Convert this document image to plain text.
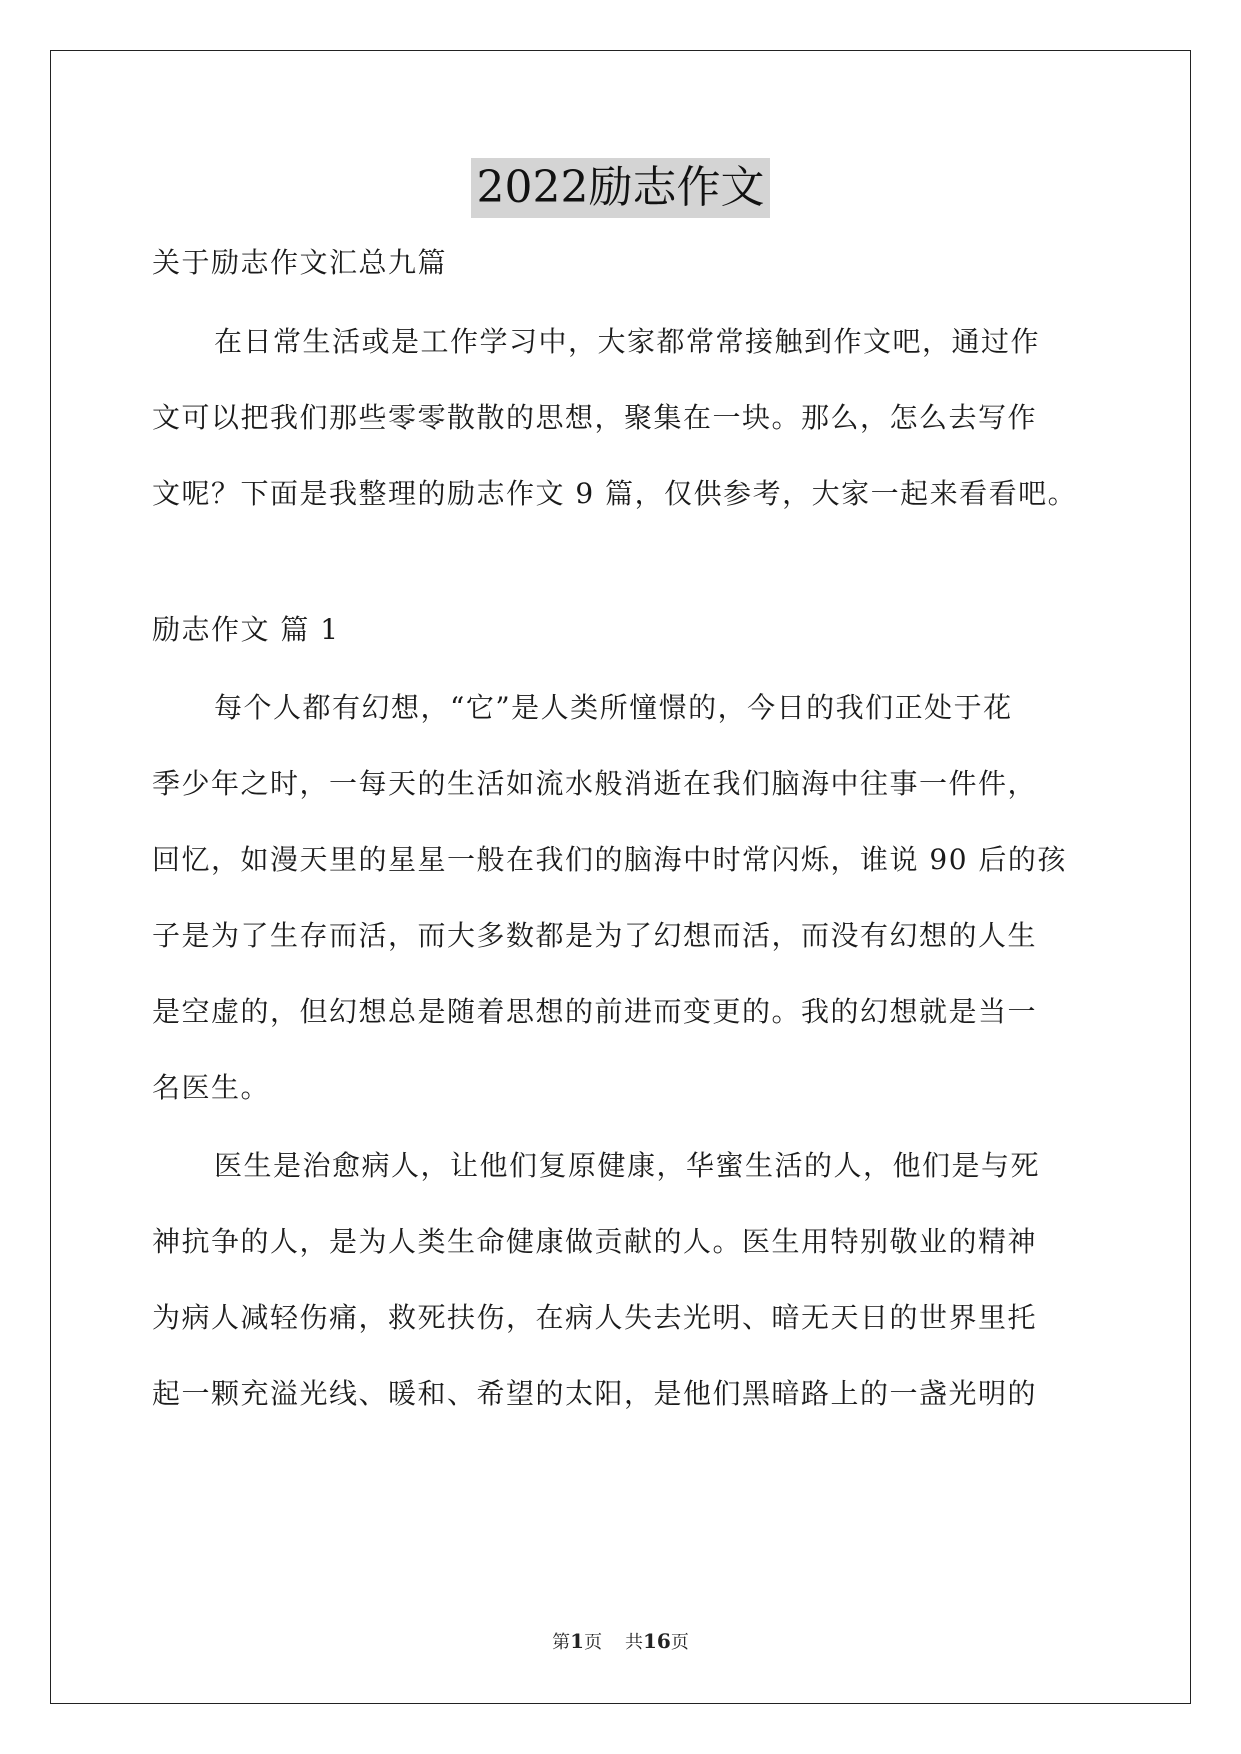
2022励志作文
关于励志作文汇总九篇
在日常生活或是工作学习中，大家都常常接触到作文吧，通过作
文可以把我们那些零零散散的思想，聚集在一块。那么，怎么去写作
文呢？下面是我整理的励志作文 9 篇，仅供参考，大家一起来看看吧。
励志作文 篇 1
每个人都有幻想，“它”是人类所憧憬的，今日的我们正处于花
季少年之时，一每天的生活如流水般消逝在我们脑海中往事一件件，
回忆，如漫天里的星星一般在我们的脑海中时常闪烁，谁说 90 后的孩
子是为了生存而活，而大多数都是为了幻想而活，而没有幻想的人生
是空虚的，但幻想总是随着思想的前进而变更的。我的幻想就是当一
名医生。
医生是治愈病人，让他们复原健康，华蜜生活的人，他们是与死
神抗争的人，是为人类生命健康做贡献的人。医生用特别敬业的精神
为病人减轻伤痛，救死扶伤，在病人失去光明、暗无天日的世界里托
起一颗充溢光线、暖和、希望的太阳，是他们黑暗路上的一盏光明的
第1页 共16页
